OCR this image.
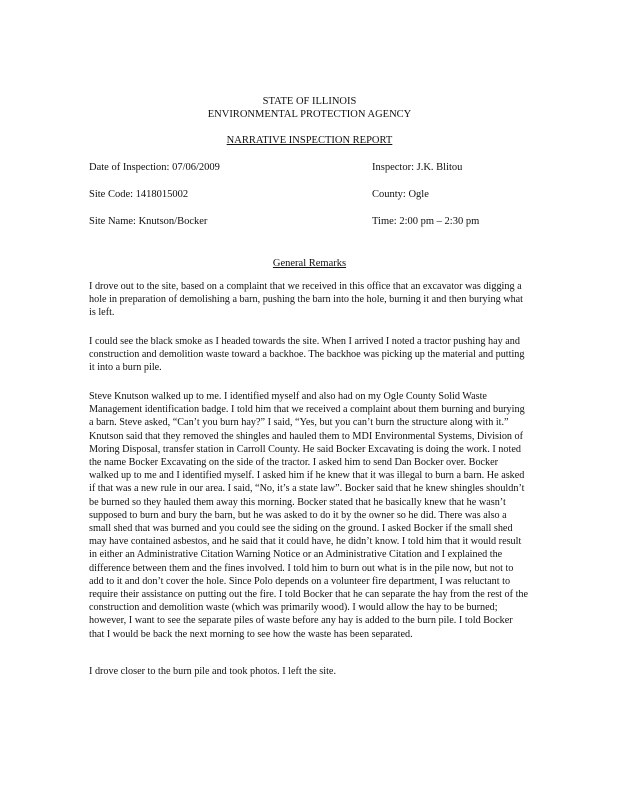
STATE OF ILLINOIS
ENVIRONMENTAL PROTECTION AGENCY
NARRATIVE INSPECTION REPORT
Date of Inspection: 07/06/2009	Inspector: J.K. Blitou
Site Code: 1418015002	County: Ogle
Site Name: Knutson/Bocker	Time: 2:00 pm – 2:30 pm
General Remarks
I drove out to the site, based on a complaint that we received in this office that an excavator was digging a hole in preparation of demolishing a barn, pushing the barn into the hole, burning it and then burying what is left.
I could see the black smoke as I headed towards the site. When I arrived I noted a tractor pushing hay and construction and demolition waste toward a backhoe. The backhoe was picking up the material and putting it into a burn pile.
Steve Knutson walked up to me. I identified myself and also had on my Ogle County Solid Waste Management identification badge. I told him that we received a complaint about them burning and burying a barn. Steve asked, “Can’t you burn hay?” I said, “Yes, but you can’t burn the structure along with it.” Knutson said that they removed the shingles and hauled them to MDI Environmental Systems, Division of Moring Disposal, transfer station in Carroll County. He said Bocker Excavating is doing the work. I noted the name Bocker Excavating on the side of the tractor. I asked him to send Dan Bocker over. Bocker walked up to me and I identified myself. I asked him if he knew that it was illegal to burn a barn. He asked if that was a new rule in our area. I said, “No, it’s a state law”. Bocker said that he knew shingles shouldn’t be burned so they hauled them away this morning. Bocker stated that he basically knew that he wasn’t supposed to burn and bury the barn, but he was asked to do it by the owner so he did. There was also a small shed that was burned and you could see the siding on the ground. I asked Bocker if the small shed may have contained asbestos, and he said that it could have, he didn’t know. I told him that it would result in either an Administrative Citation Warning Notice or an Administrative Citation and I explained the difference between them and the fines involved. I told him to burn out what is in the pile now, but not to add to it and don’t cover the hole. Since Polo depends on a volunteer fire department, I was reluctant to require their assistance on putting out the fire. I told Bocker that he can separate the hay from the rest of the construction and demolition waste (which was primarily wood). I would allow the hay to be burned; however, I want to see the separate piles of waste before any hay is added to the burn pile. I told Bocker that I would be back the next morning to see how the waste has been separated.
I drove closer to the burn pile and took photos. I left the site.
